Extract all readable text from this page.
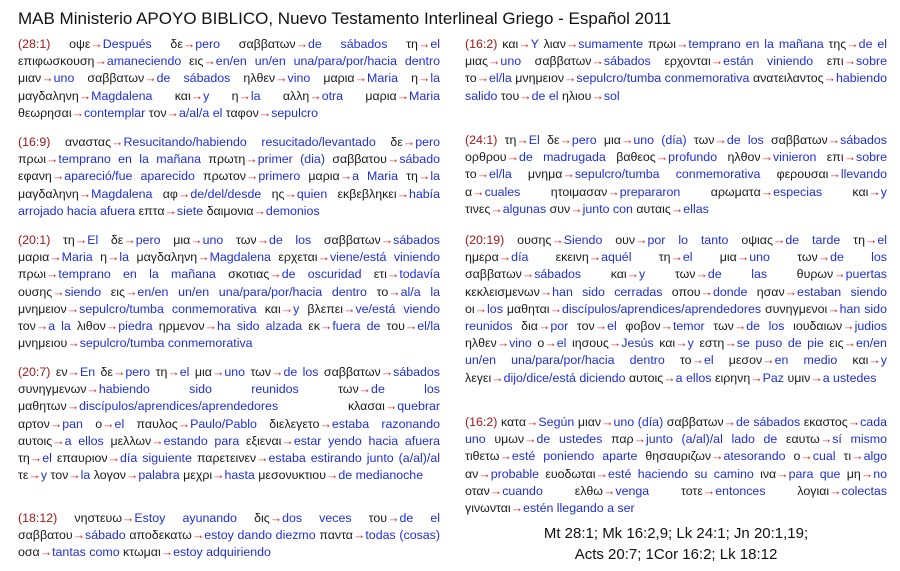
MAB Ministerio APOYO BIBLICO, Nuevo Testamento Interlineal Griego - Español 2011

(28:1) οψε→Después δε→pero σαββατων→de sábados τη→el επιφωσκουση→amaneciendo εις→en/en un/en una/para/por/hacia dentro μιαν→uno σαββατων→de sábados ηλθεν→vino μαρια→Maria η→la μαγδαληνη→Magdalena και→y η→la αλλη→otra μαρια→Maria θεωρησαι→contemplar τον→a/al/a el ταφον→sepulcro

(16:9) αναστας→Resucitando/habiendo resucitado/levantado δε→pero πρωι→temprano en la mañana πρωτη→primer (dia) σαββατου→sábado εφανη→apareció/fue aparecido πρωτον→primero μαρια→a Maria τη→la μαγδαληνη→Magdalena αφ→de/del/desde ης→quien εκβεβληκει→había arrojado hacia afuera επτα→siete δαιμονια→demonios

(20:1) τη→El δε→pero μια→uno των→de los σαββατων→sábados μαρια→Maria η→la μαγδαληνη→Magdalena ερχεται→viene/está viniendo πρωι→temprano en la mañana σκοτιας→de oscuridad ετι→todavía ουσης→siendo εις→en/en un/en una/para/por/hacia dentro το→al/a la μνημειον→sepulcro/tumba conmemorativa και→y βλεπει→ve/está viendo τον→a la λιθον→piedra ηρμενον→ha sido alzada εκ→fuera de του→el/la μνημειου→sepulcro/tumba conmemorativa

(20:7) εν→En δε→pero τη→el μια→uno των→de los σαββατων→sábados συνηγμενων→habiendo sido reunidos	των→de los μαθητων→discípulos/aprendices/aprendedores	κλασαι→quebrar αρτον→pan ο→el παυλος→Paulo/Pablo διελεγετο→estaba razonando αυτοις→a ellos μελλων→estando para εξιεναι→estar yendo hacia afuera τη→el επαυριον→día siguiente παρετεινεν→estaba estirando junto (a/al)/al τε→y τον→la λογον→palabra μεχρι→hasta μεσονυκτιου→de medianoche

(18:12) νηστευω→Estoy ayunando δις→dos veces του→de el σαββατου→sábado αποδεκατω→estoy dando diezmo παντα→todas (cosas) οσα→tantas como κτωμαι→estoy adquiriendo

(16:2) και→Y λιαν→sumamente πρωι→temprano en la mañana της→de el μιας→uno σαββατων→sábados ερχονται→están viniendo επι→sobre το→el/la μνημειον→sepulcro/tumba conmemorativa ανατειλαντος→habiendo salido του→de el ηλιου→sol

(24:1) τη→El δε→pero μια→uno (día) των→de los σαββατων→sábados ορθρου→de madrugada βαθεος→profundo ηλθον→vinieron επι→sobre το→el/la μνημα→sepulcro/tumba conmemorativa φερουσαι→llevando α→cuales ητοιμασαν→prepararon αρωματα→especias και→y τινες→algunas συν→junto con αυταις→ellas

(20:19) ουσης→Siendo ουν→por lo tanto οψιας→de tarde τη→el ημερα→día εκεινη→aquél τη→el μια→uno των→de los σαββατων→sábados και→y των→de las θυρων→puertas κεκλεισμενων→han sido cerradas οπου→donde ησαν→estaban siendo οι→los μαθηται→discípulos/aprendices/aprendedores συνηγμενοι→han sido reunidos δια→por τον→el φοβον→temor των→de los ιουδαιων→judios ηλθεν→vino ο→el ιησους→Jesús και→y εστη→se puso de pie εις→en/en un/en una/para/por/hacia dentro το→el μεσον→en medio και→y λεγει→dijo/dice/está diciendo αυτοις→a ellos ειρηνη→Paz υμιν→a ustedes

(16:2) κατα→Según μιαν→uno (día) σαββατων→de sábados εκαστος→cada uno υμων→de ustedes παρ→junto (a/al)/al lado de εαυτω→sí mismo τιθετω→esté poniendo aparte θησαυριζων→atesorando ο→cual τι→algo αν→probable ευοδωται→esté haciendo su camino ινα→para que μη→no οταν→cuando	ελθω→venga	τοτε→entonces	λογιαι→colectas γινωνται→estén llegando a ser

Mt 28:1; Mk 16:2,9; Lk 24:1; Jn 20:1,19;
Acts 20:7; 1Cor 16:2; Lk 18:12
